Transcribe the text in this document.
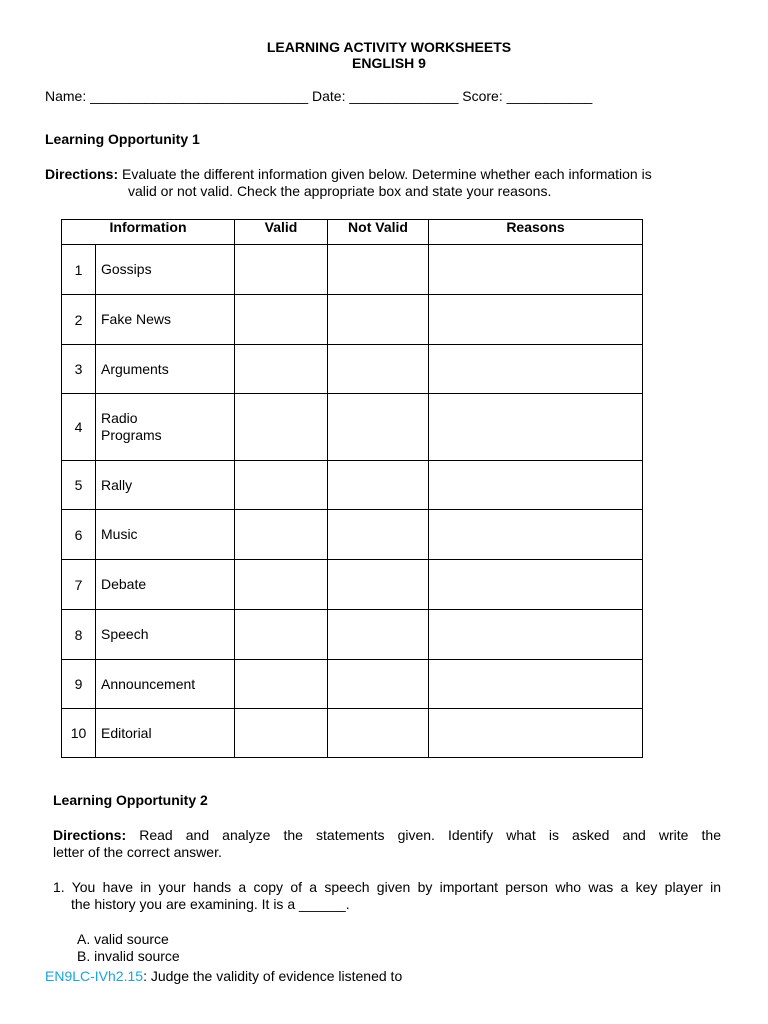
LEARNING ACTIVITY WORKSHEETS
ENGLISH 9
Name: ____________________________ Date: ______________ Score: ___________
Learning Opportunity 1
Directions: Evaluate the different information given below. Determine whether each information is
valid or not valid. Check the appropriate box and state your reasons.
Information		Valid	Not Valid	Reasons
1	Gossips			
2	Fake News			
3	Arguments			
4	Radio
Programs			

5	Rally			
6	Music			
7	Debate			
8	Speech			
9	Announcement			
10	Editorial			
Learning Opportunity 2
Directions: Read and analyze the statements given. Identify what is asked and write the
letter of the correct answer.
1. You have in your hands a copy of a speech given by important person who was a key player in
the history you are examining. It is a ______.
A. valid source
B. invalid source
EN9LC-IVh2.15: Judge the validity of evidence listened to
